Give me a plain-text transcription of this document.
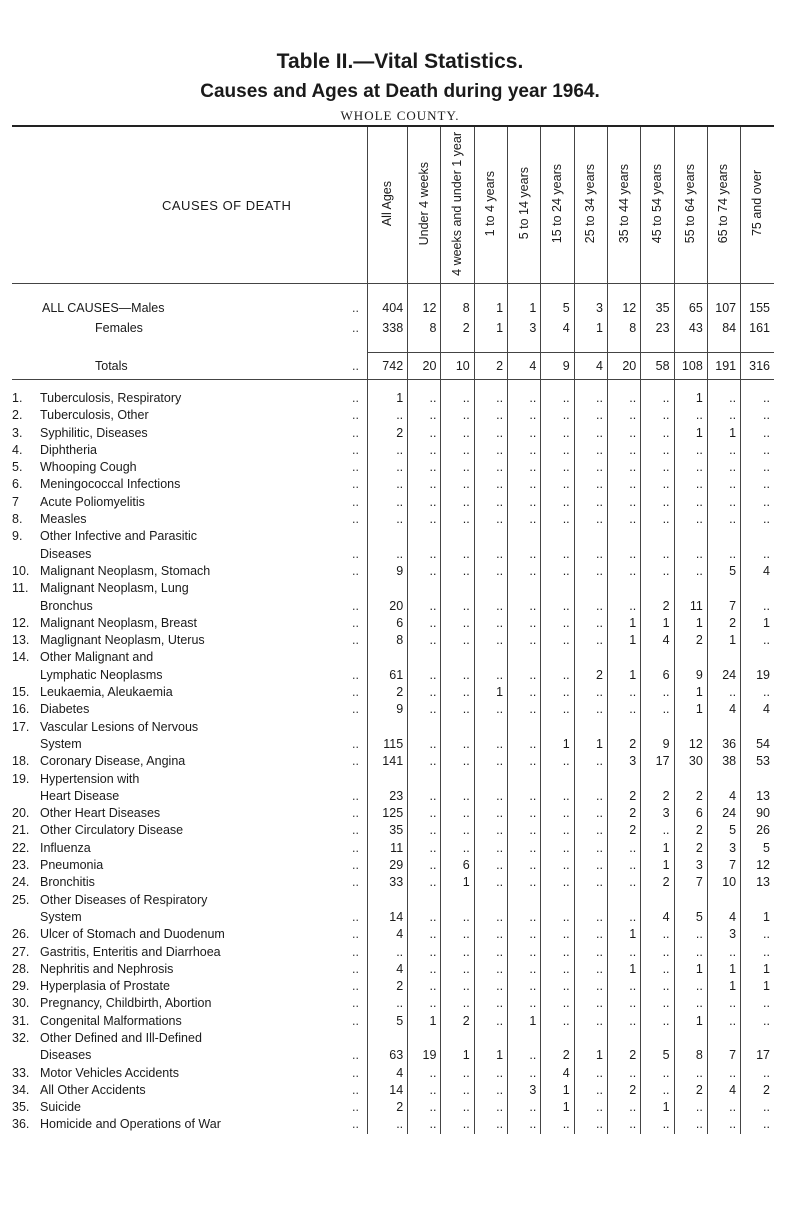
Table II.—Vital Statistics.
Causes and Ages at Death during year 1964.
WHOLE COUNTY.
CAUSES OF DEATH	All Ages	Under 4 weeks	4 weeks and under 1 year	1 to 4 years	5 to 14 years	15 to 24 years	25 to 34 years	35 to 44 years	45 to 54 years	55 to 64 years	65 to 74 years	75 and over

ALL CAUSES—Males ..	404	12	8	1	1	5	3	12	35	65	107	155
Females ..	338	8	2	1	3	4	1	8	23	43	84	161

Totals ..	742	20	10	2	4	9	4	20	58	108	191	316

1. Tuberculosis, Respiratory ..	1	..	..	..	..	..	..	..	..	1	..	..
2. Tuberculosis, Other ..	..	..	..	..	..	..	..	..	..	..	..	..
3. Syphilitic, Diseases ..	2	..	..	..	..	..	..	..	..	1	1	..
4. Diphtheria ..	..	..	..	..	..	..	..	..	..	..	..	..
5. Whooping Cough ..	..	..	..	..	..	..	..	..	..	..	..	..
6. Meningococcal Infections ..	..	..	..	..	..	..	..	..	..	..	..	..
7 Acute Poliomyelitis ..	..	..	..	..	..	..	..	..	..	..	..	..
8. Measles ..	..	..	..	..	..	..	..	..	..	..	..	..
9. Other Infective and Parasitic												
Diseases ..	..	..	..	..	..	..	..	..	..	..	..	..
10. Malignant Neoplasm, Stomach ..	9	..	..	..	..	..	..	..	..	..	5	4
11. Malignant Neoplasm, Lung												
Bronchus ..	20	..	..	..	..	..	..	..	2	11	7	..
12. Malignant Neoplasm, Breast ..	6	..	..	..	..	..	..	1	1	1	2	1
13. Maglignant Neoplasm, Uterus ..	8	..	..	..	..	..	..	1	4	2	1	..
14. Other Malignant and												
Lymphatic Neoplasms ..	61	..	..	..	..	..	2	1	6	9	24	19
15. Leukaemia, Aleukaemia ..	2	..	..	1	..	..	..	..	..	1	..	..
16. Diabetes ..	9	..	..	..	..	..	..	..	..	1	4	4
17. Vascular Lesions of Nervous												
System ..	115	..	..	..	..	1	1	2	9	12	36	54
18. Coronary Disease, Angina ..	141	..	..	..	..	..	..	3	17	30	38	53
19. Hypertension with												
Heart Disease ..	23	..	..	..	..	..	..	2	2	2	4	13
20. Other Heart Diseases ..	125	..	..	..	..	..	..	2	3	6	24	90
21. Other Circulatory Disease ..	35	..	..	..	..	..	..	2	..	2	5	26
22. Influenza ..	11	..	..	..	..	..	..	..	1	2	3	5
23. Pneumonia ..	29	..	6	..	..	..	..	..	1	3	7	12
24. Bronchitis ..	33	..	1	..	..	..	..	..	2	7	10	13
25. Other Diseases of Respiratory												
System ..	14	..	..	..	..	..	..	..	4	5	4	1
26. Ulcer of Stomach and Duodenum ..	4	..	..	..	..	..	..	1	..	..	3	..
27. Gastritis, Enteritis and Diarrhoea ..	..	..	..	..	..	..	..	..	..	..	..	..
28. Nephritis and Nephrosis ..	4	..	..	..	..	..	..	1	..	1	1	1
29. Hyperplasia of Prostate ..	2	..	..	..	..	..	..	..	..	..	1	1
30. Pregnancy, Childbirth, Abortion ..	..	..	..	..	..	..	..	..	..	..	..	..
31. Congenital Malformations ..	5	1	2	..	1	..	..	..	..	1	..	..
32. Other Defined and Ill-Defined												
Diseases ..	63	19	1	1	..	2	1	2	5	8	7	17
33. Motor Vehicles Accidents ..	4	..	..	..	..	4	..	..	..	..	..	..
34. All Other Accidents ..	14	..	..	..	3	1	..	2	..	2	4	2
35. Suicide ..	2	..	..	..	..	1	..	..	1	..	..	..
36. Homicide and Operations of War ..	..	..	..	..	..	..	..	..	..	..	..	..
